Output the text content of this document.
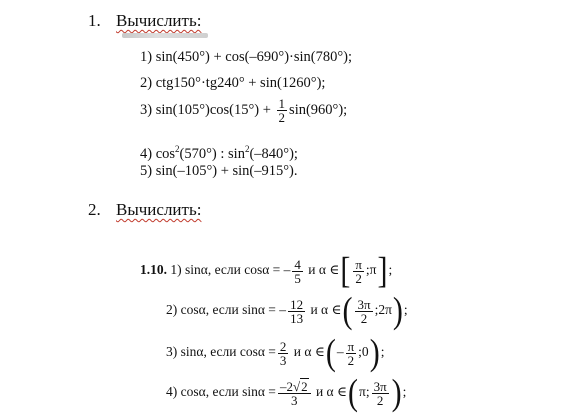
1. Вычислить:
1) sin(450°) + cos(–690°)·sin(780°);
2) ctg150°·tg240° + sin(1260°);
3) $\sin(105^\circ)\cos(15^\circ) + \frac{1}{2} \sin(960^\circ)$;
4) $\cos^2(570^\circ)$ : $\sin^2(-840^\circ)$;
5) sin(–105°) + sin(–915°).
2. Вычислить:
1.10. 1) sinα, если cosα = – $\frac{4}{5}$ и α ∈[ $\frac{\pi}{2}$ ;π];
2) cosα, если sinα = – $\frac{12}{13}$ и α ∈( $\frac{3\pi}{2}$ ;2π);
3) sinα, если $\cos\alpha = \frac{2}{3}$ и α ∈(– $\frac{\pi}{2}$ ;0);
4) cosα, если $\sin\alpha = \frac{-2√2}{3}$ и α ∈(π; $\frac{3\pi}{2}$ );
